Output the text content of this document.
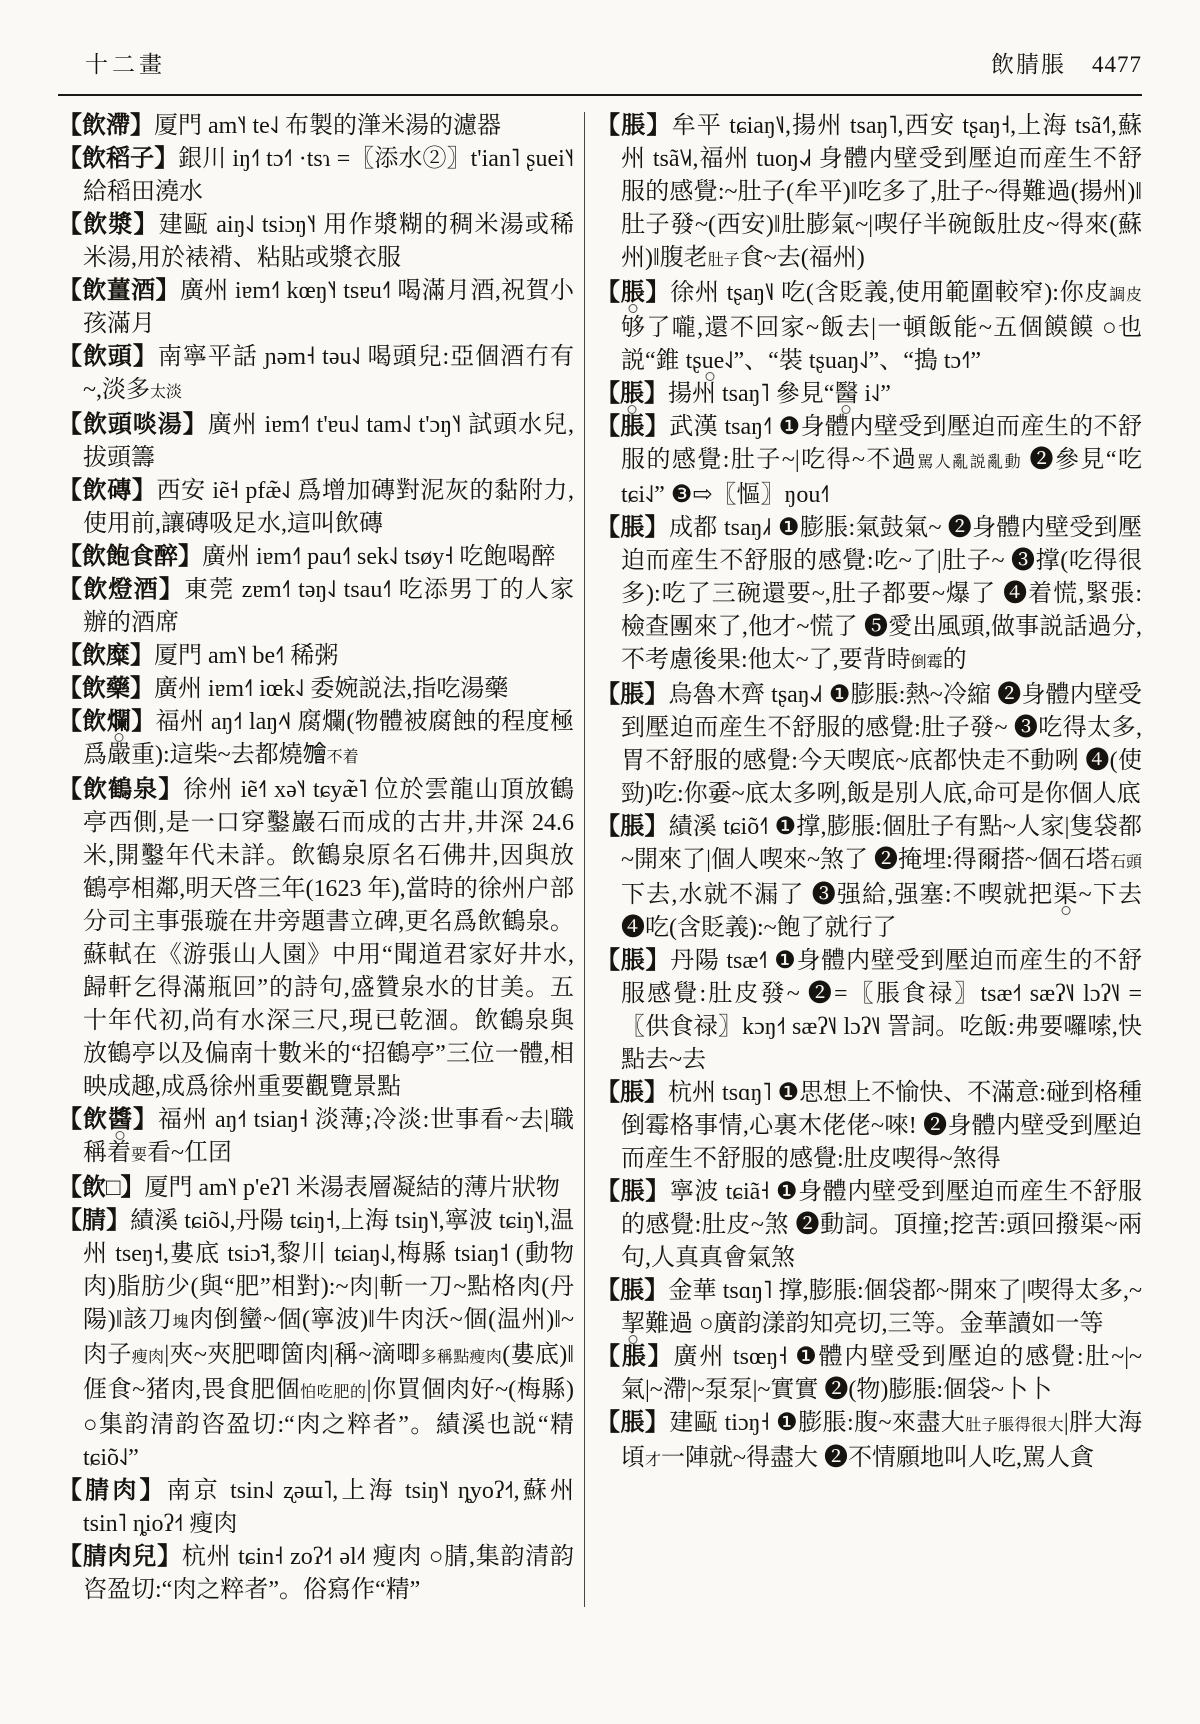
十二畫	飲腈脹 4477

【飲滯】厦門 am˥˧ te˨˩ 布製的潷米湯的濾器

【飲稻子】銀川 iŋ˧˥ tɔ˧˥ ·tsɿ =〖添水②〗t'ian˥ ʂuei˥˧ 給稻田澆水

【飲漿】建甌 aiŋ˨˩ tsiɔŋ˥˧ 用作漿糊的稠米湯或稀米湯,用於裱褙、粘貼或漿衣服

【飲薑酒】廣州 iɐm˧˥ kœŋ˥˧ tsɐu˧˥ 喝滿月酒,祝賀小孩滿月

【飲頭】南寧平話 ɲəm˧ təu˨˩ 喝頭兒:亞個酒冇有~,淡多太淡

【飲頭啖湯】廣州 iɐm˧˥ t'ɐu˨˩ tam˨˩ t'ɔŋ˥˧ 試頭水兒,拔頭籌

【飲磚】西安 iẽ˧ pfæ̃˨˩ 爲增加磚對泥灰的黏附力,使用前,讓磚吸足水,這叫飲磚

【飲飽食醉】廣州 iɐm˧˥ pau˧˥ sek˨˩ tsøy˧ 吃飽喝醉

【飲燈酒】東莞 zɐm˧˥ təŋ˨˩ tsau˧˥ 吃添男丁的人家辦的酒席

【飲糜】厦門 am˥˧ be˧˥ 稀粥

【飲藥】廣州 iɐm˧˥ iœk˨˩ 委婉説法,指吃湯藥

【飲爛】福州 aŋ˧˦ laŋ˨˦˨ 腐爛(物體被腐蝕的程度極爲嚴重):這柴~去都燒𣍐不着

【飲鶴泉】徐州 iẽ˧˥ xə˥˧ tɕyæ̃˥ 位於雲龍山頂放鶴亭西側,是一口穿鑿巖石而成的古井,井深 24.6 米,開鑿年代未詳。飲鶴泉原名石佛井,因與放鶴亭相鄰,明天啓三年(1623 年),當時的徐州户部分司主事張璇在井旁題書立碑,更名爲飲鶴泉。蘇軾在《游張山人園》中用“聞道君家好井水,歸軒乞得滿瓶回”的詩句,盛贊泉水的甘美。五十年代初,尚有水深三尺,現已乾涸。飲鶴泉與放鶴亭以及偏南十數米的“招鶴亭”三位一體,相映成趣,成爲徐州重要觀覽景點

【飲醬】福州 aŋ˧˦ tsiaŋ˧ 淡薄;冷淡:世事看~去|職稱着要看~仜囝

【飲□】厦門 am˥˧ p'eʔ˥ 米湯表層凝結的薄片狀物

【腈】績溪 tɕiõ˨˩,丹陽 tɕiŋ˧,上海 tsiŋ˥˧,寧波 tɕiŋ˥˧,温州 tseŋ˧,婁底 tsiɔ̃˧,黎川 tɕiaŋ˨˩,梅縣 tsiaŋ˦ (動物肉)脂肪少(與“肥”相對):~肉|斬一刀~點格肉(丹陽)‖該刀塊肉倒蠻~個(寧波)‖牛肉沃~個(温州)‖~肉子瘦肉|夾~夾肥唧箇肉|稱~滴唧多稱點瘦肉(婁底)‖𠊎食~猪肉,畏食肥個怕吃肥的|你買個肉好~(梅縣) ○集韵清韵咨盈切:“肉之粹者”。績溪也説“精 tɕiõ˨˩”

【腈肉】南京 tsin˨˩ ʐəɯ˥,上海 tsiŋ˥˧ ȵyoʔ˧˦,蘇州 tsin˥ ȵioʔ˧˦ 瘦肉

【腈肉兒】杭州 tɕin˧ zoʔ˧˦ əl˨˦ 瘦肉 ○腈,集韵清韵咨盈切:“肉之粹者”。俗寫作“精”

【脹】牟平 tɕiaŋ˥˩,揚州 tsaŋ˥,西安 tʂaŋ˧,上海 tsã˧˥,蘇州 tsã˥˩˧,福州 tuoŋ˨˩˧ 身體内壁受到壓迫而産生不舒服的感覺:~肚子(牟平)‖吃多了,肚子~得難過(揚州)‖肚子發~(西安)‖肚膨氣~|喫仔半碗飯肚皮~得來(蘇州)‖腹老肚子食~去(福州)

【脹】徐州 tʂaŋ˥˩ 吃(含貶義,使用範圍較窄):你皮調皮够了嚨,還不回家~飯去|一頓飯能~五個饃饃 ○也説“錐 tʂue˨˩”、“裝 tʂuaŋ˨˩”、“搗 tɔ˧˥”

【脹】揚州 tsaŋ˥ 參見“醫 i˨˩”

【脹】武漢 tsaŋ˧˥ ❶身體内壁受到壓迫而産生的不舒服的感覺:肚子~|吃得~不過駡人亂説亂動 ❷參見“吃 tɕi˨˩” ❸⇨〖慪〗ŋou˧˥

【脹】成都 tsaŋ˩˧ ❶膨脹:氣鼓氣~ ❷身體内壁受到壓迫而産生不舒服的感覺:吃~了|肚子~ ❸撑(吃得很多):吃了三碗還要~,肚子都要~爆了 ❹着慌,緊張:檢查團來了,他才~慌了 ❺愛出風頭,做事説話過分,不考慮後果:他太~了,要背時倒霉的

【脹】烏魯木齊 tʂaŋ˨˩˧ ❶膨脹:熱~冷縮 ❷身體内壁受到壓迫而産生不舒服的感覺:肚子發~ ❸吃得太多,胃不舒服的感覺:今天喫底~底都快走不動咧 ❹(使勁)吃:你嫑~底太多咧,飯是別人底,命可是你個人底

【脹】績溪 tɕiõ˧˥ ❶撑,膨脹:個肚子有點~人家|隻袋都~開來了|個人喫來~煞了 ❷掩埋:得爾搭~個石塔石頭下去,水就不漏了 ❸强給,强塞:不喫就把渠~下去 ❹吃(含貶義):~飽了就行了

【脹】丹陽 tsæ˧˥ ❶身體内壁受到壓迫而産生的不舒服感覺:肚皮發~ ❷=〖脹食禄〗tsæ˧˦ sæʔ˥˩ lɔʔ˥˩ =〖供食禄〗kɔŋ˧˦ sæʔ˥˩ lɔʔ˥˩ 詈詞。吃飯:弗要囉嗦,快點去~去

【脹】杭州 tsɑŋ˥ ❶思想上不愉快、不滿意:碰到格種倒霉格事情,心裏木佬佬~唻! ❷身體内壁受到壓迫而産生不舒服的感覺:肚皮喫得~煞得

【脹】寧波 tɕiã˧ ❶身體内壁受到壓迫而産生不舒服的感覺:肚皮~煞 ❷動詞。頂撞;挖苦:頭回撥渠~兩句,人真真會氣煞

【脹】金華 tsɑŋ˥ 撑,膨脹:個袋都~開來了|喫得太多,~挈難過 ○廣韵漾韵知亮切,三等。金華讀如一等

【脹】廣州 tsœŋ˧ ❶體内壁受到壓迫的感覺:肚~|~氣|~滯|~泵泵|~實實 ❷(物)膨脹:個袋~卜卜

【脹】建甌 tiɔŋ˧ ❶膨脹:腹~來盡大肚子脹得很大|胖大海頃才一陣就~得盡大 ❷不情願地叫人吃,駡人貪
